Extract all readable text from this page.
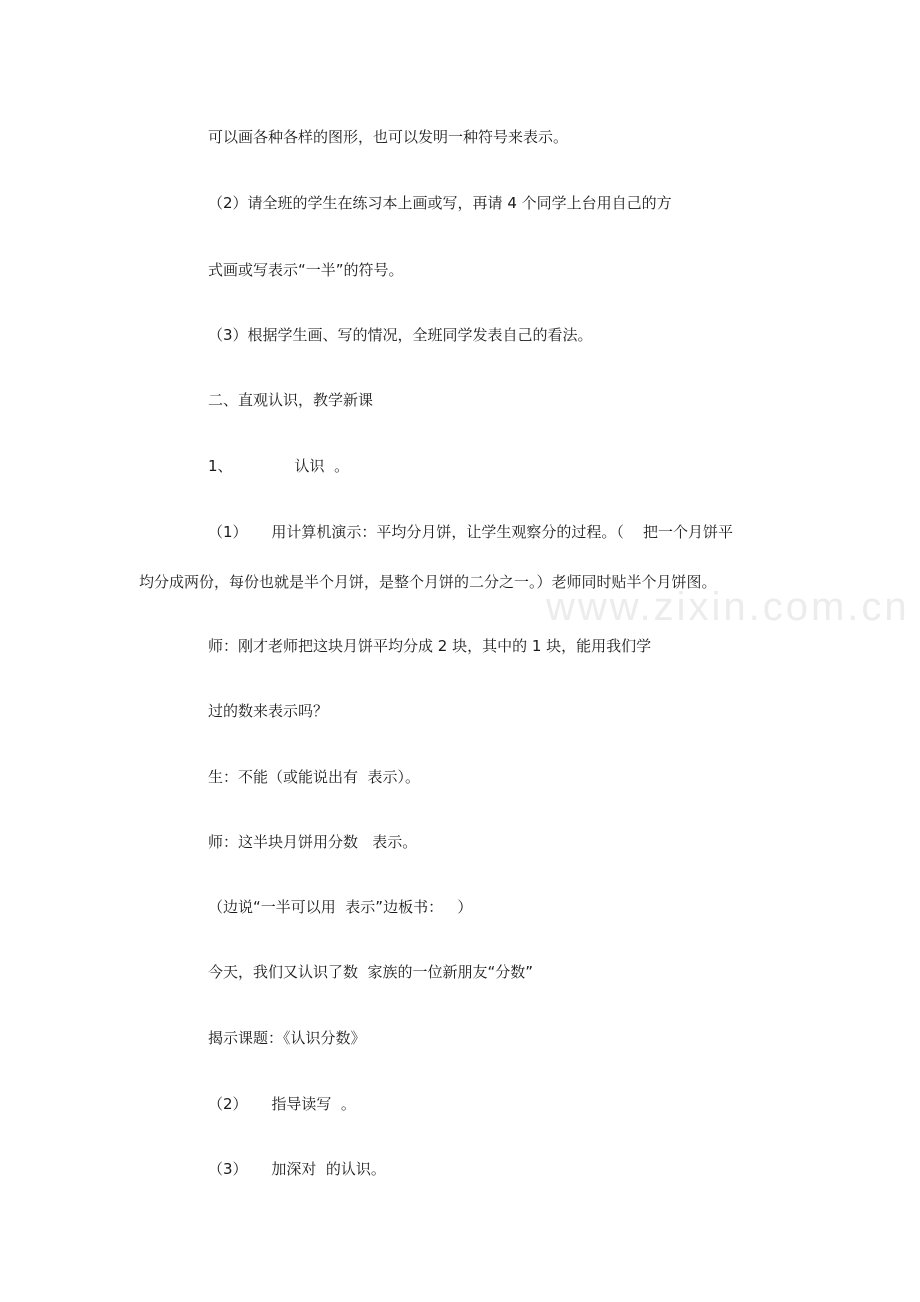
www.zixin.com.cn
可以画各种各样的图形，也可以发明一种符号来表示。
（2）请全班的学生在练习本上画或写，再请 4 个同学上台用自己的方
式画或写表示“一半”的符号。
（3）根据学生画、写的情况，全班同学发表自己的看法。
二、直观认识，教学新课
1、             认识  。
（1）     用计算机演示：平均分月饼，让学生观察分的过程。（    把一个月饼平
均分成两份，每份也就是半个月饼，是整个月饼的二分之一。）老师同时贴半个月饼图。
师：刚才老师把这块月饼平均分成 2 块，其中的 1 块，能用我们学
过的数来表示吗？
生：不能（或能说出有  表示）。
师：这半块月饼用分数   表示。
（边说“一半可以用  表示”边板书：   ）
今天，我们又认识了数  家族的一位新朋友“分数”
揭示课题：《认识分数》
（2）     指导读写  。
（3）     加深对  的认识。
